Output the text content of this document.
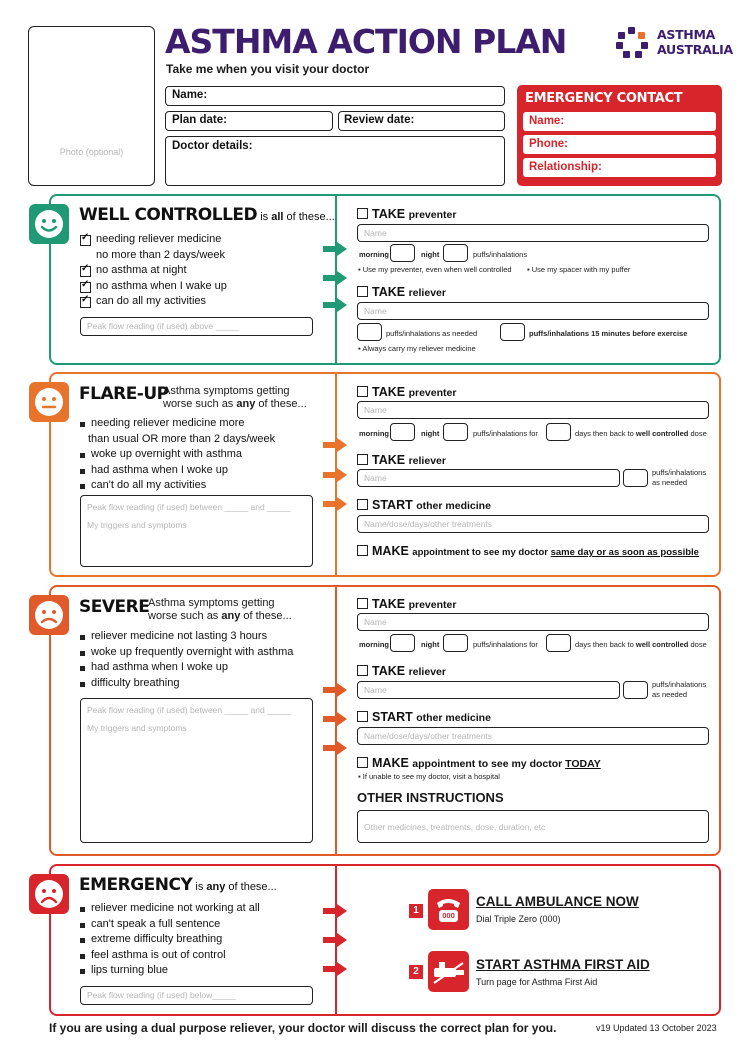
Photo (optional)
ASTHMA ACTION PLAN
Take me when you visit your doctor
ASTHMA
AUSTRALIA
Name:
Plan date:	Review date:
Doctor details:
EMERGENCY CONTACT
Name:
Phone:
Relationship:
WELL CONTROLLED is all of these...
needing reliever medicine ✓
no more than 2 days/week
no asthma at night ✓
no asthma when I wake up ✓
can do all my activities ✓
Peak flow reading (if used) above _____
TAKE preventer
Name
morning	night	puffs/inhalations
▪ Use my preventer, even when well controlled ▪ Use my spacer with my puffer
TAKE reliever
Name
puffs/inhalations as needed	puffs/inhalations 15 minutes before exercise
▪ Always carry my reliever medicine
FLARE-UP
Asthma symptoms getting
worse such as any of these...
needing reliever medicine more
than usual OR more than 2 days/week
woke up overnight with asthma
had asthma when I woke up
can't do all my activities
Peak flow reading (if used) between _____ and _____
My triggers and symptoms
TAKE preventer
Name
morning	night	puffs/inhalations for	days then back to well controlled dose
TAKE reliever
Name
puffs/inhalations
as needed
START other medicine
Name/dose/days/other treatments
MAKE appointment to see my doctor same day or as soon as possible
SEVERE
Asthma symptoms getting
worse such as any of these...
reliever medicine not lasting 3 hours
woke up frequently overnight with asthma
had asthma when I woke up
difficulty breathing
Peak flow reading (if used) between _____ and _____
My triggers and symptoms
TAKE preventer
Name
morning	night	puffs/inhalations for	days then back to well controlled dose
TAKE reliever
Name
puffs/inhalations
as needed
START other medicine
Name/dose/days/other treatments
MAKE appointment to see my doctor TODAY
▪ If unable to see my doctor, visit a hospital
OTHER INSTRUCTIONS
Other medicines, treatments, dose, duration, etc
EMERGENCY is any of these...
reliever medicine not working at all
can't speak a full sentence
extreme difficulty breathing
feel asthma is out of control
lips turning blue
Peak flow reading (if used) below_____
1	000
CALL AMBULANCE NOW
Dial Triple Zero (000)
2	START ASTHMA FIRST AID
Turn page for Asthma First Aid
If you are using a dual purpose reliever, your doctor will discuss the correct plan for you.	v19 Updated 13 October 2023
